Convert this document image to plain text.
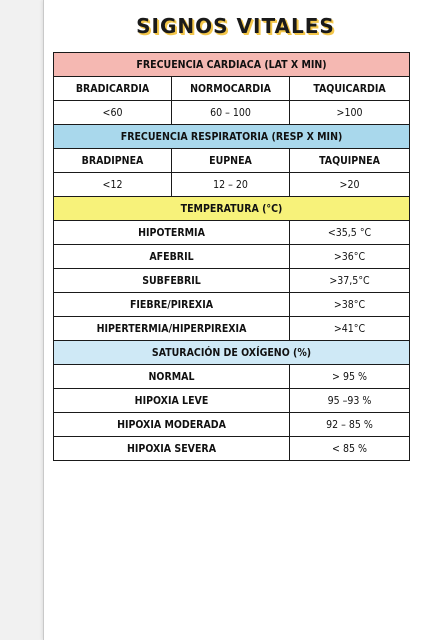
SIGNOS VITALES
FRECUENCIA CARDIACA (LAT X MIN)		
BRADICARDIA	NORMOCARDIA	TAQUICARDIA
<60	60 – 100	>100
FRECUENCIA RESPIRATORIA (RESP X MIN)		
BRADIPNEA	EUPNEA	TAQUIPNEA
<12	12 – 20	>20
TEMPERATURA (°C)		
HIPOTERMIA		<35,5 °C
AFEBRIL		>36°C
SUBFEBRIL		>37,5°C
FIEBRE/PIREXIA		>38°C
HIPERTERMIA/HIPERPIREXIA		>41°C
SATURACIÓN DE OXÍGENO (%)		
NORMAL		> 95 %
HIPOXIA LEVE		95 –93 %
HIPOXIA MODERADA		92 – 85 %
HIPOXIA SEVERA		< 85 %
